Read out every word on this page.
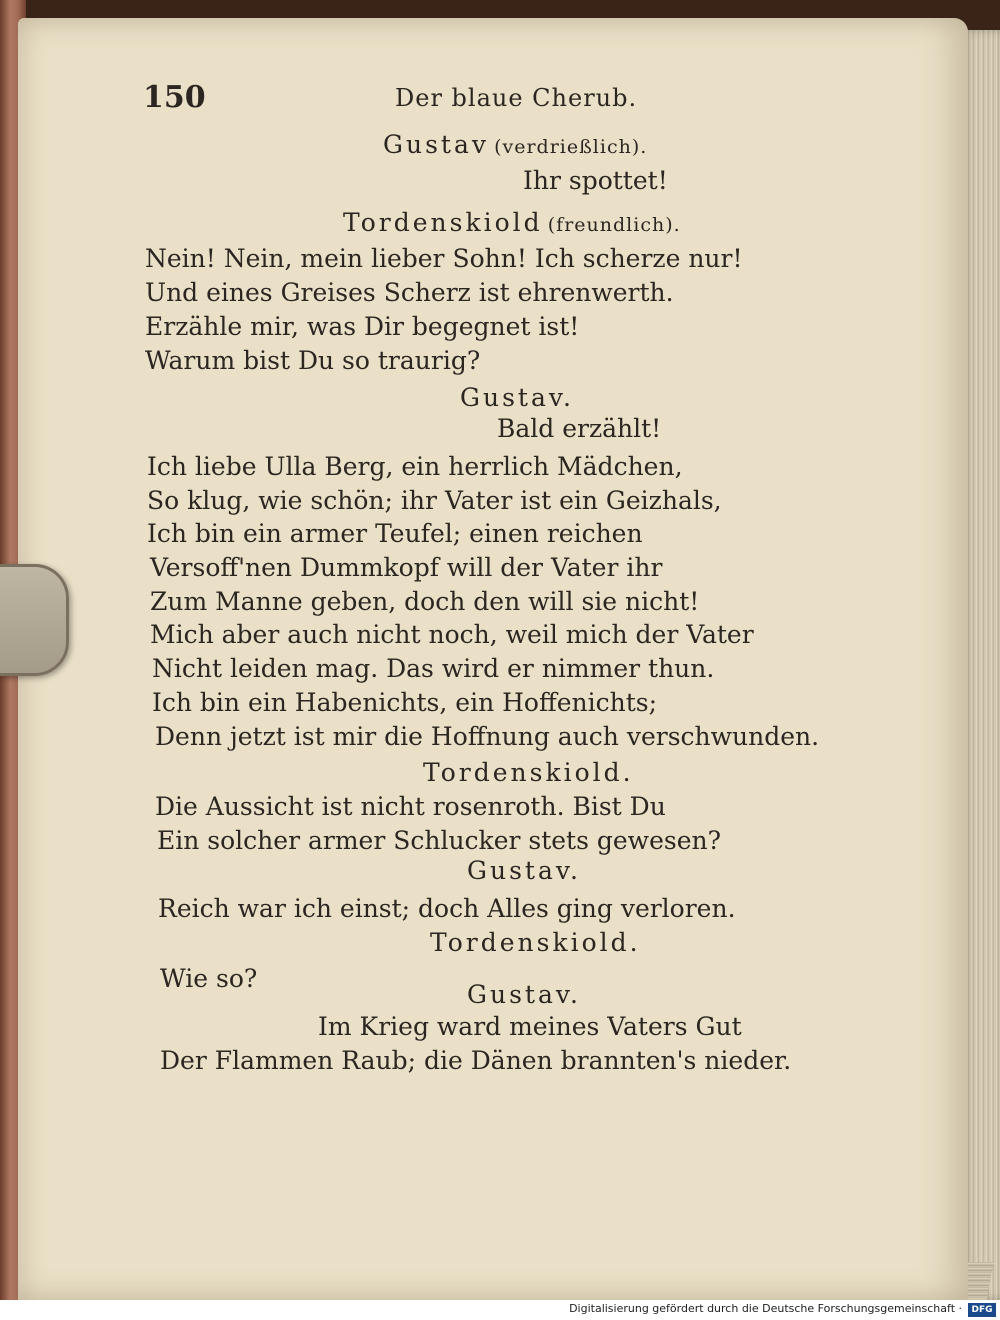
150	Der blaue Cherub.
Gustav (verdrießlich).
Ihr spottet!
Tordenskiold (freundlich).
Nein! Nein, mein lieber Sohn! Ich scherze nur!
Und eines Greises Scherz ist ehrenwerth.
Erzähle mir, was Dir begegnet ist!
Warum bist Du so traurig?
Gustav.
Bald erzählt!
Ich liebe Ulla Berg, ein herrlich Mädchen,
So klug, wie schön; ihr Vater ist ein Geizhals,
Ich bin ein armer Teufel; einen reichen
Versoff'nen Dummkopf will der Vater ihr
Zum Manne geben, doch den will sie nicht!
Mich aber auch nicht noch, weil mich der Vater
Nicht leiden mag. Das wird er nimmer thun.
Ich bin ein Habenichts, ein Hoffenichts;
Denn jetzt ist mir die Hoffnung auch verschwunden.
Tordenskiold.
Die Aussicht ist nicht rosenroth. Bist Du
Ein solcher armer Schlucker stets gewesen?
Gustav.
Reich war ich einst; doch Alles ging verloren.
Tordenskiold.
Wie so?
Gustav.
Im Krieg ward meines Vaters Gut
Der Flammen Raub; die Dänen brannten's nieder.
Digitalisierung gefördert durch die Deutsche Forschungsgemeinschaft ·	DFG
